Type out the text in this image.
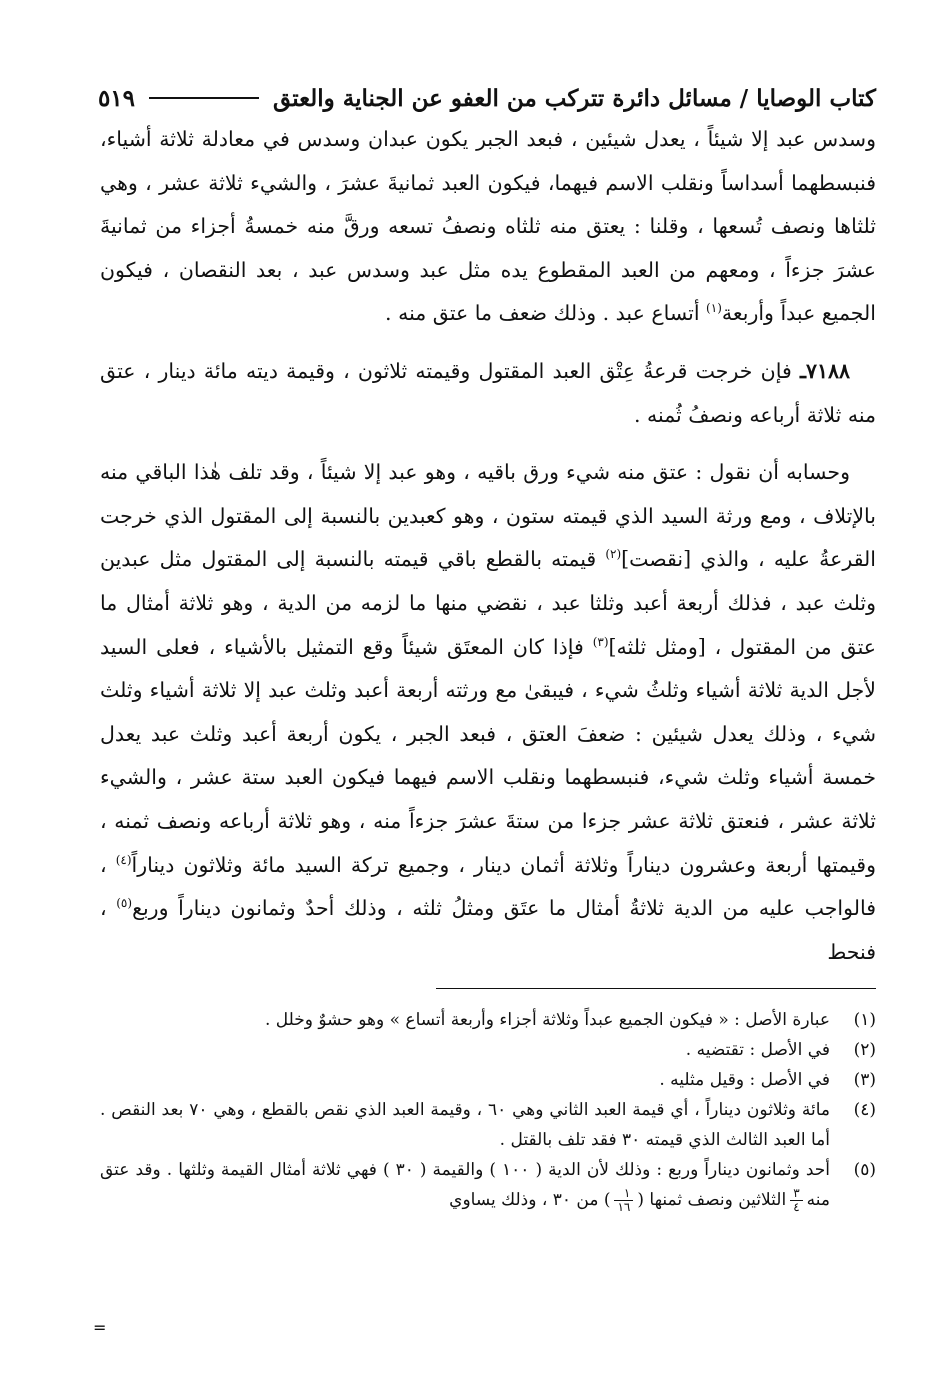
كتاب الوصايا / مسائل دائرة تتركب من العفو عن الجناية والعتق
٥١٩

وسدس عبد إلا شيئاً ، يعدل شيئين ، فبعد الجبر يكون عبدان وسدس في معادلة ثلاثة أشياء، فنبسطهما أسداساً ونقلب الاسم فيهما، فيكون العبد ثمانيةَ عشرَ ، والشيء ثلاثة عشر ، وهي ثلثاها ونصف تُسعها ، وقلنا : يعتق منه ثلثاه ونصفُ تسعه ورقَّ منه خمسةُ أجزاء من ثمانيةَ عشرَ جزءاً ، ومعهم من العبد المقطوع يده مثل عبد وسدس عبد ، بعد النقصان ، فيكون الجميع عبداً وأربعة$^{(١)}$ أتساع عبد . وذلك ضعف ما عتق منه .

٧١٨٨ـ فإن خرجت قرعةُ عِتْق العبد المقتول وقيمته ثلاثون ، وقيمة ديته مائة دينار ، عتق منه ثلاثة أرباعه ونصفُ ثُمنه .

وحسابه أن نقول : عتق منه شيء ورق باقيه ، وهو عبد إلا شيئاً ، وقد تلف هٰذا الباقي منه بالإتلاف ، ومع ورثة السيد الذي قيمته ستون ، وهو كعبدين بالنسبة إلى المقتول الذي خرجت القرعةُ عليه ، والذي [نقصت]$^{(٢)}$ قيمته بالقطع باقي قيمته بالنسبة إلى المقتول مثل عبدين وثلث عبد ، فذلك أربعة أعبد وثلثا عبد ، نقضي منها ما لزمه من الدية ، وهو ثلاثة أمثال ما عتق من المقتول ، [ومثل ثلثه]$^{(٣)}$ فإذا كان المعتَق شيئاً وقع التمثيل بالأشياء ، فعلى السيد لأجل الدية ثلاثة أشياء وثلثُ شيء ، فيبقىٰ مع ورثته أربعة أعبد وثلث عبد إلا ثلاثة أشياء وثلث شيء ، وذلك يعدل شيئين : ضعفَ العتق ، فبعد الجبر ، يكون أربعة أعبد وثلث عبد يعدل خمسة أشياء وثلث شيء، فنبسطهما ونقلب الاسم فيهما فيكون العبد ستة عشر ، والشيء ثلاثة عشر ، فنعتق ثلاثة عشر جزءا من ستةَ عشرَ جزءاً منه ، وهو ثلاثة أرباعه ونصف ثمنه ، وقيمتها أربعة وعشرون ديناراً وثلاثة أثمان دينار ، وجميع تركة السيد مائة وثلاثون ديناراً$^{(٤)}$ ، فالواجب عليه من الدية ثلاثةُ أمثال ما عتَق ومثلُ ثلثه ، وذلك أحدٌ وثمانون ديناراً وربع$^{(٥)}$ ، فنحط

(١)
عبارة الأصل : « فيكون الجميع عبداً وثلاثة أجزاء وأربعة أتساع » وهو حشوٌ وخلل .
(٢)
في الأصل : تقتضيه .
(٣)
في الأصل : وقيل مثليه .
(٤)
مائة وثلاثون ديناراً ، أي قيمة العبد الثاني وهي ٦٠ ، وقيمة العبد الذي نقص بالقطع ، وهي ٧٠ بعد النقص . أما العبد الثالث الذي قيمته ٣٠ فقد تلف بالقتل .
(٥)
أحد وثمانون ديناراً وربع : وذلك لأن الدية ( ١٠٠ ) والقيمة ( ٣٠ ) فهي ثلاثة أمثال القيمة وثلثها . وقد عتق منه
$\frac{٣}{٤}$
الثلاثين ونصف ثمنها (
$\frac{١}{١٦}$
) من ٣٠ ، وذلك يساوي
=
